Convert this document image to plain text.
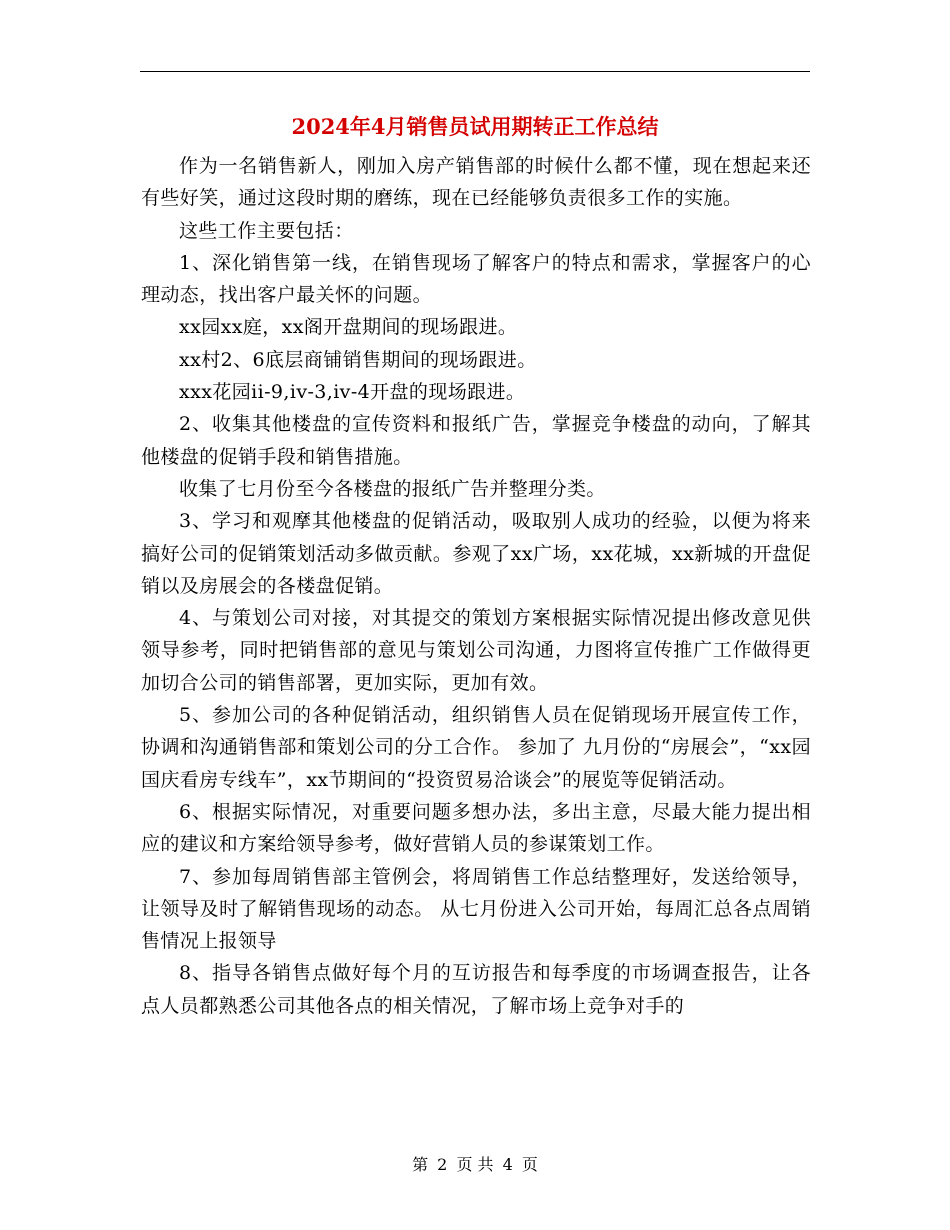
2024年4月销售员试用期转正工作总结

作为一名销售新人，刚加入房产销售部的时候什么都不懂，现在想起来还有些好笑，通过这段时期的磨练，现在已经能够负责很多工作的实施。

这些工作主要包括：

1、深化销售第一线，在销售现场了解客户的特点和需求，掌握客户的心理动态，找出客户最关怀的问题。

xx园xx庭，xx阁开盘期间的现场跟进。

xx村2、6底层商铺销售期间的现场跟进。

xxx花园ii-9,iv-3,iv-4开盘的现场跟进。

2、收集其他楼盘的宣传资料和报纸广告，掌握竞争楼盘的动向，了解其他楼盘的促销手段和销售措施。

收集了七月份至今各楼盘的报纸广告并整理分类。

3、学习和观摩其他楼盘的促销活动，吸取别人成功的经验，以便为将来搞好公司的促销策划活动多做贡献。参观了xx广场，xx花城，xx新城的开盘促销以及房展会的各楼盘促销。

4、与策划公司对接，对其提交的策划方案根据实际情况提出修改意见供领导参考，同时把销售部的意见与策划公司沟通，力图将宣传推广工作做得更加切合公司的销售部署，更加实际，更加有效。

5、参加公司的各种促销活动，组织销售人员在促销现场开展宣传工作，协调和沟通销售部和策划公司的分工合作。 参加了 九月份的“房展会”，“xx园国庆看房专线车”，xx节期间的“投资贸易洽谈会”的展览等促销活动。

6、根据实际情况，对重要问题多想办法，多出主意，尽最大能力提出相应的建议和方案给领导参考，做好营销人员的参谋策划工作。

7、参加每周销售部主管例会，将周销售工作总结整理好，发送给领导，让领导及时了解销售现场的动态。 从七月份进入公司开始，每周汇总各点周销售情况上报领导

8、指导各销售点做好每个月的互访报告和每季度的市场调查报告，让各点人员都熟悉公司其他各点的相关情况，了解市场上竞争对手的

第 2 页 共 4 页
